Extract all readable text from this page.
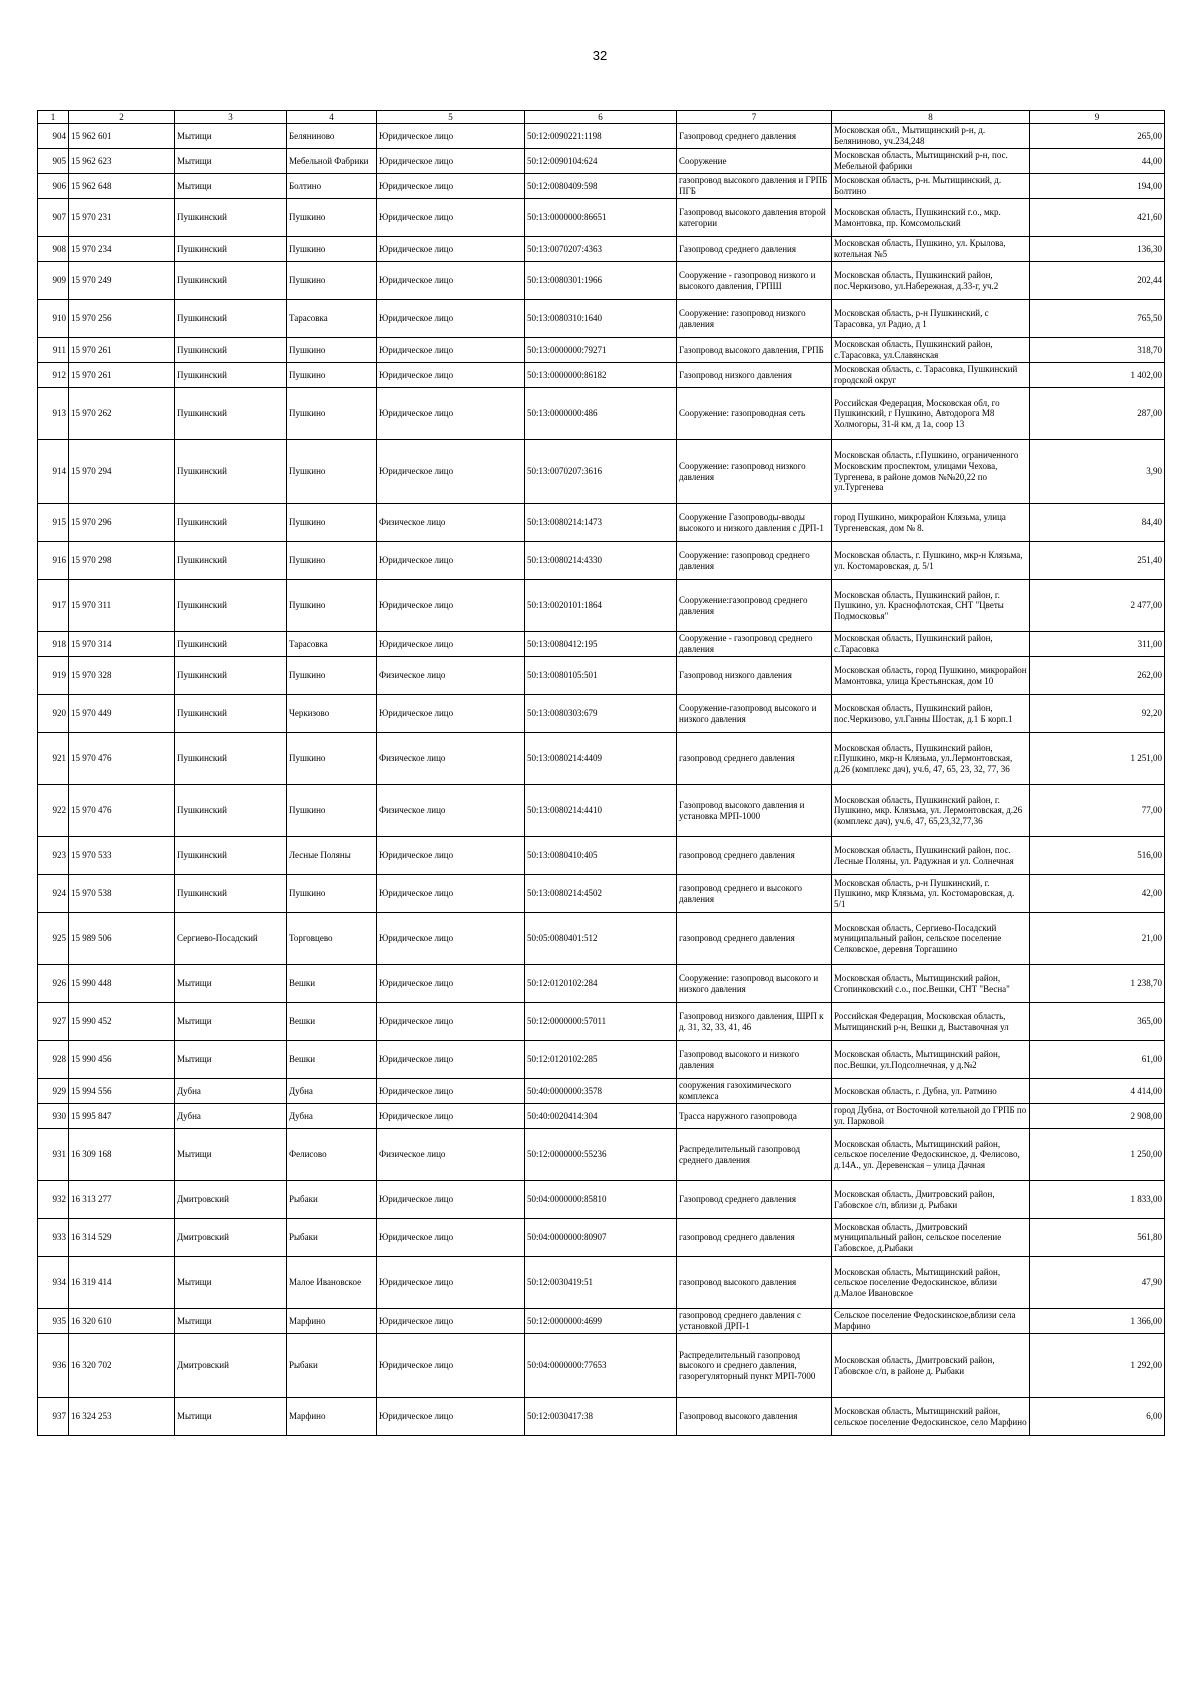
32
1	2	3	4	5	6	7	8	9
904	15 962 601	Мытищи	Беляниново	Юридическое лицо	50:12:0090221:1198	Газопровод среднего давления	Московская обл., Мытищинский р-н, д. Беляниново, уч.234,248	265,00
905	15 962 623	Мытищи	Мебельной Фабрики	Юридическое лицо	50:12:0090104:624	Сооружение	Московская область, Мытищинский р-н, пос. Мебельной фабрики	44,00
906	15 962 648	Мытищи	Болтино	Юридическое лицо	50:12:0080409:598	газопровод высокого давления и ГРПБ ПГБ	Московская область, р-н. Мытищинский, д. Болтино	194,00
907	15 970 231	Пушкинский	Пушкино	Юридическое лицо	50:13:0000000:86651	Газопровод высокого давления второй категории	Московская область, Пушкинский г.о., мкр. Мамонтовка, пр. Комсомольский	421,60
908	15 970 234	Пушкинский	Пушкино	Юридическое лицо	50:13:0070207:4363	Газопровод среднего давления	Московская область, Пушкино, ул. Крылова, котельная №5	136,30
909	15 970 249	Пушкинский	Пушкино	Юридическое лицо	50:13:0080301:1966	Сооружение - газопровод низкого и высокого давления, ГРПШ	Московская область, Пушкинский район, пос.Черкизово, ул.Набережная, д.33-г, уч.2	202,44
910	15 970 256	Пушкинский	Тарасовка	Юридическое лицо	50:13:0080310:1640	Сооружение: газопровод низкого давления	Московская область, р-н Пушкинский, с Тарасовка, ул Радио, д 1	765,50
911	15 970 261	Пушкинский	Пушкино	Юридическое лицо	50:13:0000000:79271	Газопровод высокого давления, ГРПБ	Московская область, Пушкинский район, с.Тарасовка, ул.Славянская	318,70
912	15 970 261	Пушкинский	Пушкино	Юридическое лицо	50:13:0000000:86182	Газопровод низкого давления	Московская область, с. Тарасовка, Пушкинский городской округ	1 402,00
913	15 970 262	Пушкинский	Пушкино	Юридическое лицо	50:13:0000000:486	Сооружение: газопроводная сеть	Российская Федерация, Московская обл, го Пушкинский, г Пушкино, Автодорога М8 Холмогоры, 31-й км, д 1а, соор 13	287,00
914	15 970 294	Пушкинский	Пушкино	Юридическое лицо	50:13:0070207:3616	Сооружение: газопровод низкого давления	Московская область, г.Пушкино, ограниченного Московским проспектом, улицами Чехова, Тургенева, в районе домов №№20,22 по ул.Тургенева	3,90
915	15 970 296	Пушкинский	Пушкино	Физическое лицо	50:13:0080214:1473	Сооружение Газопроводы-вводы высокого и низкого давления с ДРП-1	город Пушкино, микрорайон Клязьма, улица Тургеневская, дом № 8.	84,40
916	15 970 298	Пушкинский	Пушкино	Юридическое лицо	50:13:0080214:4330	Сооружение: газопровод среднего давления	Московская область, г. Пушкино, мкр-н Клязьма, ул. Костомаровская, д. 5/1	251,40
917	15 970 311	Пушкинский	Пушкино	Юридическое лицо	50:13:0020101:1864	Сооружение:газопровод среднего давления	Московская область, Пушкинский район, г. Пушкино, ул. Краснофлотская, СНТ "Цветы Подмосковья"	2 477,00
918	15 970 314	Пушкинский	Тарасовка	Юридическое лицо	50:13:0080412:195	Сооружение - газопровод среднего давления	Московская область, Пушкинский район, с.Тарасовка	311,00
919	15 970 328	Пушкинский	Пушкино	Физическое лицо	50:13:0080105:501	Газопровод низкого давления	Московская область, город Пушкино, микрорайон Мамонтовка, улица Крестьянская, дом 10	262,00
920	15 970 449	Пушкинский	Черкизово	Юридическое лицо	50:13:0080303:679	Сооружение-газопровод высокого и низкого давления	Московская область, Пушкинский район, пос.Черкизово, ул.Ганны Шостак, д.1 Б корп.1	92,20
921	15 970 476	Пушкинский	Пушкино	Физическое лицо	50:13:0080214:4409	газопровод среднего давления	Московская область, Пушкинский район, г.Пушкино, мкр-н Клязьма, ул.Лермонтовская, д.26 (комплекс дач), уч.6, 47, 65, 23, 32, 77, 36	1 251,00
922	15 970 476	Пушкинский	Пушкино	Физическое лицо	50:13:0080214:4410	Газопровод высокого давления и установка МРП-1000	Московская область, Пушкинский район, г. Пушкино, мкр. Клязьма, ул. Лермонтовская, д.26 (комплекс дач), уч.6, 47, 65,23,32,77,36	77,00
923	15 970 533	Пушкинский	Лесные Поляны	Юридическое лицо	50:13:0080410:405	газопровод среднего давления	Московская область, Пушкинский район, пос. Лесные Поляны, ул. Радужная и ул. Солнечная	516,00
924	15 970 538	Пушкинский	Пушкино	Юридическое лицо	50:13:0080214:4502	газопровод среднего и высокого давления	Московская область, р-н Пушкинский, г. Пушкино, мкр Клязьма, ул. Костомаровская, д. 5/1	42,00
925	15 989 506	Сергиево-Посадский	Торговцево	Юридическое лицо	50:05:0080401:512	газопровод среднего давления	Московская область, Сергиево-Посадский муниципальный район, сельское поселение Селковское, деревня Торгашино	21,00
926	15 990 448	Мытищи	Вешки	Юридическое лицо	50:12:0120102:284	Сооружение: газопровод высокого и низкого давления	Московская область, Мытищинский район, Сгопинковский с.о., пос.Вешки, СНТ "Весна"	1 238,70
927	15 990 452	Мытищи	Вешки	Юридическое лицо	50:12:0000000:57011	Газопровод низкого давления, ШРП к д. 31, 32, 33, 41, 46	Российская Федерация, Московская область, Мытищинский р-н, Вешки д, Выставочная ул	365,00
928	15 990 456	Мытищи	Вешки	Юридическое лицо	50:12:0120102:285	Газопровод высокого и низкого давления	Московская область, Мытищинский район, пос.Вешки, ул.Подсолнечная, у д.№2	61,00
929	15 994 556	Дубна	Дубна	Юридическое лицо	50:40:0000000:3578	сооружения газохимического комплекса	Московская область, г. Дубна, ул. Ратмино	4 414,00
930	15 995 847	Дубна	Дубна	Юридическое лицо	50:40:0020414:304	Трасса наружного газопровода	город Дубна, от Восточной котельной до ГРПБ по ул. Парковой	2 908,00
931	16 309 168	Мытищи	Фелисово	Физическое лицо	50:12:0000000:55236	Распределительный газопровод среднего давления	Московская область, Мытищинский район, сельское поселение Федоскинское, д. Фелисово, д.14А., ул. Деревенская – улица Дачная	1 250,00
932	16 313 277	Дмитровский	Рыбаки	Юридическое лицо	50:04:0000000:85810	Газопровод среднего давления	Московская область, Дмитровский район, Габовское с/п, вблизи д. Рыбаки	1 833,00
933	16 314 529	Дмитровский	Рыбаки	Юридическое лицо	50:04:0000000:80907	газопровод среднего давления	Московская область, Дмитровский муниципальный район, сельское поселение Габовское, д.Рыбаки	561,80
934	16 319 414	Мытищи	Малое Ивановское	Юридическое лицо	50:12:0030419:51	газопровод высокого давления	Московская область, Мытищинский район, сельское поселение Федоскинское, вблизи д.Малое Ивановское	47,90
935	16 320 610	Мытищи	Марфино	Юридическое лицо	50:12:0000000:4699	газопровод среднего давления с установкой ДРП-1	Сельское поселение Федоскинское,вблизи села Марфино	1 366,00
936	16 320 702	Дмитровский	Рыбаки	Юридическое лицо	50:04:0000000:77653	Распределительный газопровод высокого и среднего давления, газорегуляторный пункт МРП-7000	Московская область, Дмитровский район, Габовское с/п, в районе д. Рыбаки	1 292,00
937	16 324 253	Мытищи	Марфино	Юридическое лицо	50:12:0030417:38	Газопровод высокого давления	Московская область, Мытищинский район, сельское поселение Федоскинское, село Марфино	6,00
